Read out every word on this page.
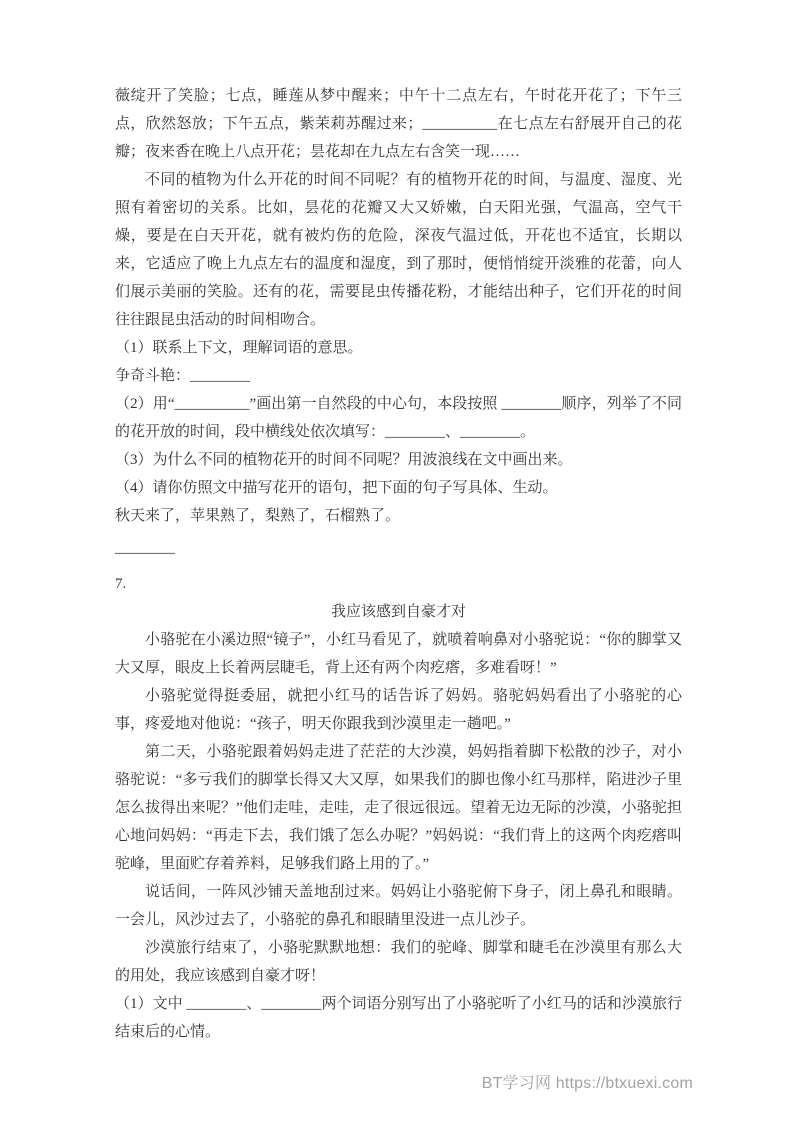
薇绽开了笑脸；七点，睡莲从梦中醒来；中午十二点左右，午时花开花了；下午三点，欣然怒放；下午五点，紫茉莉苏醒过来；__________在七点左右舒展开自己的花瓣；夜来香在晚上八点开花；昙花却在九点左右含笑一现……

不同的植物为什么开花的时间不同呢？有的植物开花的时间，与温度、湿度、光照有着密切的关系。比如，昙花的花瓣又大又娇嫩，白天阳光强，气温高，空气干燥，要是在白天开花，就有被灼伤的危险，深夜气温过低，开花也不适宜，长期以来，它适应了晚上九点左右的温度和湿度，到了那时，便悄悄绽开淡雅的花蕾，向人们展示美丽的笑脸。还有的花，需要昆虫传播花粉，才能结出种子，它们开花的时间往往跟昆虫活动的时间相吻合。

（1）联系上下文，理解词语的意思。

争奇斗艳：________

（2）用“__________”画出第一自然段的中心句，本段按照 ________顺序，列举了不同的花开放的时间，段中横线处依次填写：________、________。

（3）为什么不同的植物花开的时间不同呢？用波浪线在文中画出来。

（4）请你仿照文中描写花开的语句，把下面的句子写具体、生动。

秋天来了，苹果熟了，梨熟了，石榴熟了。

________

7.

我应该感到自豪才对

小骆驼在小溪边照“镜子”，小红马看见了，就喷着响鼻对小骆驼说：“你的脚掌又大又厚，眼皮上长着两层睫毛，背上还有两个肉疙瘩，多难看呀！”

小骆驼觉得挺委屈，就把小红马的话告诉了妈妈。骆驼妈妈看出了小骆驼的心事，疼爱地对他说：“孩子，明天你跟我到沙漠里走一趟吧。”

第二天，小骆驼跟着妈妈走进了茫茫的大沙漠，妈妈指着脚下松散的沙子，对小骆驼说：“多亏我们的脚掌长得又大又厚，如果我们的脚也像小红马那样，陷进沙子里怎么拔得出来呢？”他们走哇，走哇，走了很远很远。望着无边无际的沙漠，小骆驼担心地问妈妈：“再走下去，我们饿了怎么办呢？”妈妈说：“我们背上的这两个肉疙瘩叫驼峰，里面贮存着养料，足够我们路上用的了。”

说话间，一阵风沙铺天盖地刮过来。妈妈让小骆驼俯下身子，闭上鼻孔和眼睛。一会儿，风沙过去了，小骆驼的鼻孔和眼睛里没进一点儿沙子。

沙漠旅行结束了，小骆驼默默地想：我们的驼峰、脚掌和睫毛在沙漠里有那么大的用处，我应该感到自豪才呀！

（1）文中 ________、________两个词语分别写出了小骆驼听了小红马的话和沙漠旅行结束后的心情。

BT学习网 https://btxuexi.com
